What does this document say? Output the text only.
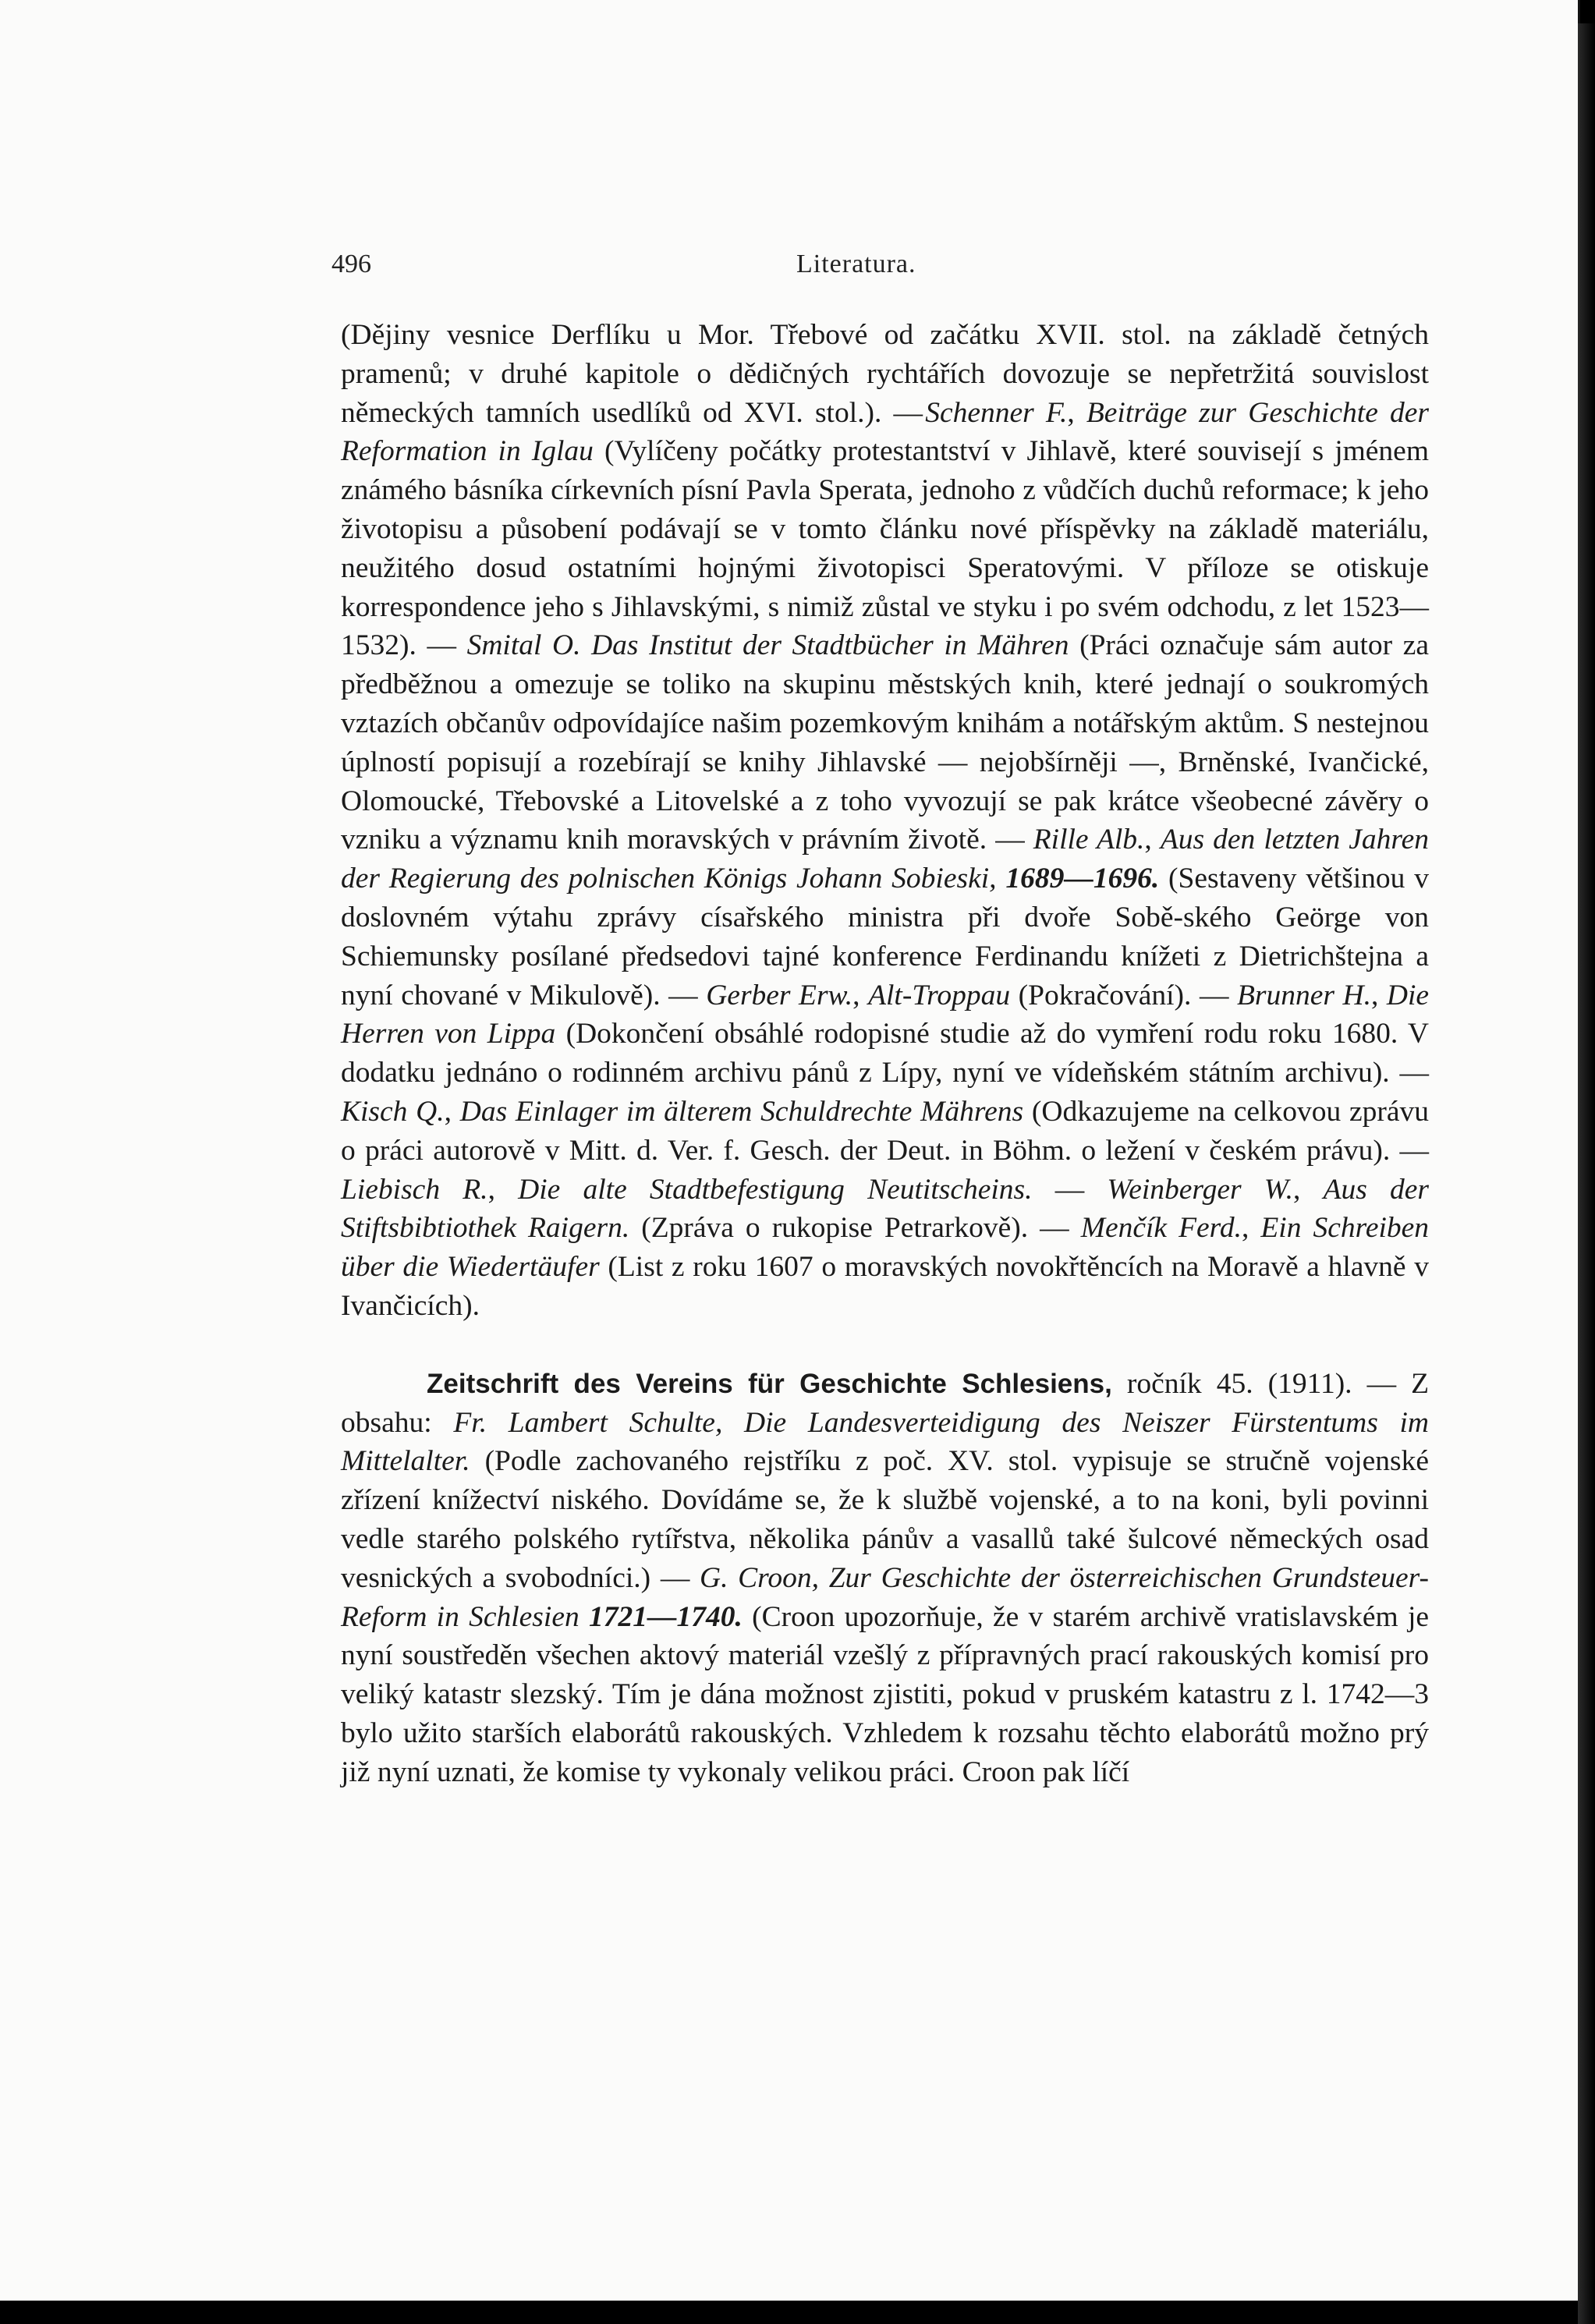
496	Literatura.

(Dějiny vesnice Derflíku u Mor. Třebové od začátku XVII. stol. na základě četných pramenů; v druhé kapitole o dědičných rychtářích dovozuje se nepřetržitá souvislost německých tamních usedlíků od XVI. stol.). — Schenner F., Beiträge zur Geschichte der Reformation in Iglau (Vylíčeny počátky protestantství v Jihlavě, které souvisejí s jménem známého básníka církevních písní Pavla Sperata, jednoho z vůdčích duchů reformace; k jeho životopisu a působení podávají se v tomto článku nové příspěvky na základě materiálu, neužitého dosud ostatními hojnými životopisci Speratovými. V příloze se otiskuje korrespondence jeho s Jihlavskými, s nimiž zůstal ve styku i po svém odchodu, z let 1523—1532). — Smital O. Das Institut der Stadtbücher in Mähren (Práci označuje sám autor za předběžnou a omezuje se toliko na skupinu městských knih, které jednají o soukromých vztazích občanův odpovídajíce našim pozemkovým knihám a notářským aktům. S nestejnou úplností popisují a rozebírají se knihy Jihlavské — nejobšírněji —, Brněnské, Ivančické, Olomoucké, Třebovské a Litovelské a z toho vyvozují se pak krátce všeobecné závěry o vzniku a významu knih moravských v právním životě. — Rille Alb., Aus den letzten Jahren der Regierung des polnischen Königs Johann Sobieski, 1689—1696. (Sestaveny většinou v doslovném výtahu zprávy císařského ministra při dvoře Sobě-ského Geörge von Schiemunsky posílané předsedovi tajné konference Ferdinandu knížeti z Dietrichštejna a nyní chované v Mikulově). — Gerber Erw., Alt-Troppau (Pokračování). — Brunner H., Die Herren von Lippa (Dokončení obsáhlé rodopisné studie až do vymření rodu roku 1680. V dodatku jednáno o rodinném archivu pánů z Lípy, nyní ve vídeňském státním archivu). — Kisch Q., Das Einlager im älterem Schuldrechte Mährens (Odkazujeme na celkovou zprávu o práci autorově v Mitt. d. Ver. f. Gesch. der Deut. in Böhm. o ležení v českém právu). — Liebisch R., Die alte Stadtbefestigung Neutitscheins. — Weinberger W., Aus der Stiftsbibtiothek Raigern. (Zpráva o rukopise Petrarkově). — Menčík Ferd., Ein Schreiben über die Wiedertäufer (List z roku 1607 o moravských novokřtěncích na Moravě a hlavně v Ivančicích).

Zeitschrift des Vereins für Geschichte Schlesiens, ročník 45. (1911). — Z obsahu: Fr. Lambert Schulte, Die Landesverteidigung des Neiszer Fürstentums im Mittelalter. (Podle zachovaného rejstříku z poč. XV. stol. vypisuje se stručně vojenské zřízení knížectví niského. Dovídáme se, že k službě vojenské, a to na koni, byli povinni vedle starého polského rytířstva, několika pánův a vasallů také šulcové německých osad vesnických a svobodníci.) — G. Croon, Zur Geschichte der österreichischen Grundsteuer-Reform in Schlesien 1721—1740. (Croon upozorňuje, že v starém archivě vratislavském je nyní soustředěn všechen aktový materiál vzešlý z přípravných prací rakouských komisí pro veliký katastr slezský. Tím je dána možnost zjistiti, pokud v pruském katastru z l. 1742—3 bylo užito starších elaborátů rakouských. Vzhledem k rozsahu těchto elaborátů možno prý již nyní uznati, že komise ty vykonaly velikou práci. Croon pak líčí
